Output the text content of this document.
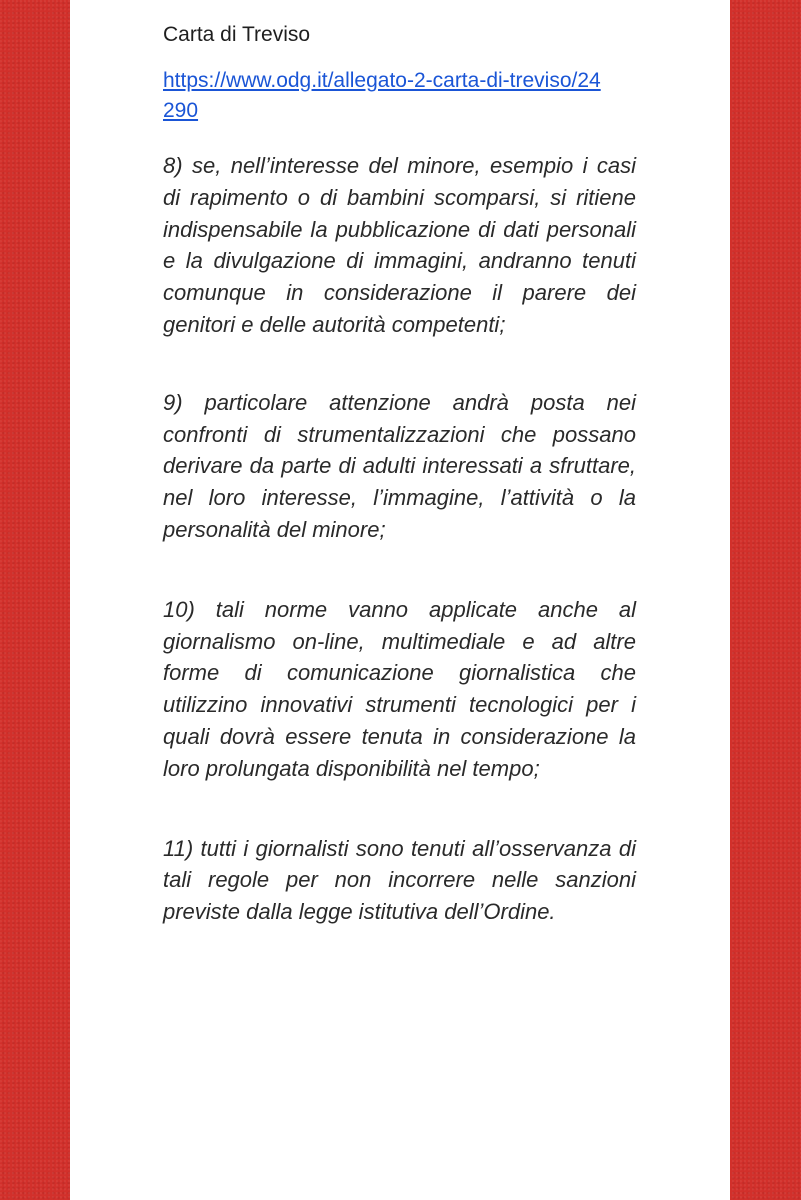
Carta di Treviso

https://www.odg.it/allegato-2-carta-di-treviso/24290

8) se, nell’interesse del minore, esempio i casi di rapimento o di bambini scomparsi, si ritiene indispensabile la pubblicazione di dati personali e la divulgazione di immagini, andranno tenuti comunque in considerazione il parere dei genitori e delle autorità competenti;

9) particolare attenzione andrà posta nei confronti di strumentalizzazioni che possano derivare da parte di adulti interessati a sfruttare, nel loro interesse, l’immagine, l’attività o la personalità del minore;

10) tali norme vanno applicate anche al giornalismo on-line, multimediale e ad altre forme di comunicazione giornalistica che utilizzino innovativi strumenti tecnologici per i quali dovrà essere tenuta in considerazione la loro prolungata disponibilità nel tempo;

11) tutti i giornalisti sono tenuti all’osservanza di tali regole per non incorrere nelle sanzioni previste dalla legge istitutiva dell’Ordine.
